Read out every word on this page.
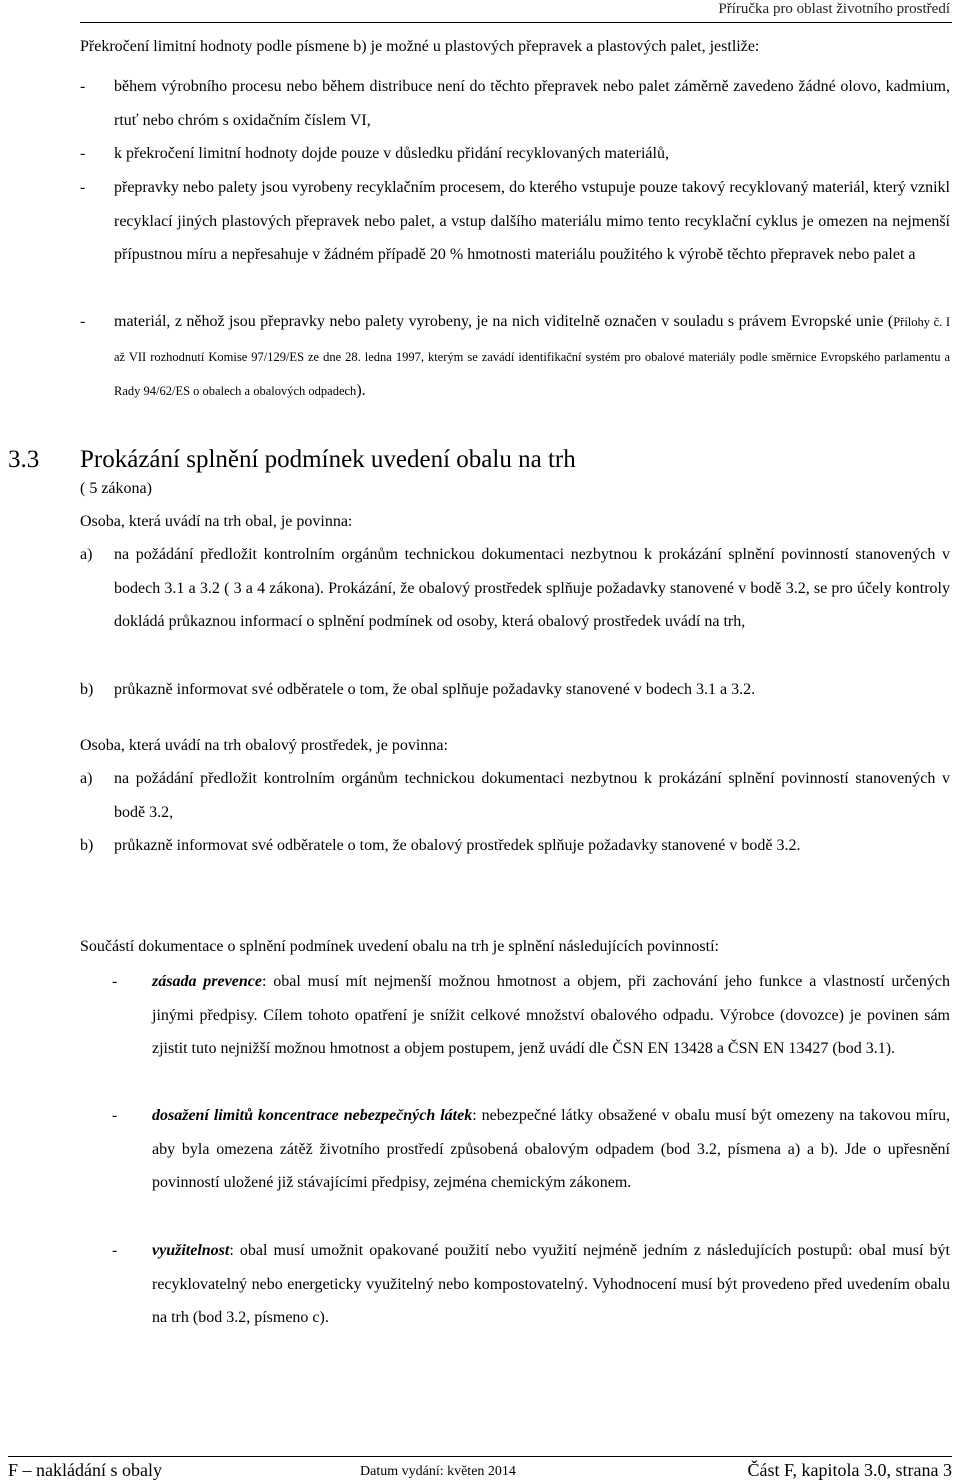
Příručka pro oblast životního prostředí

Překročení limitní hodnoty podle písmene b) je možné u plastových přepravek a plastových palet, jestliže:

- během výrobního procesu nebo během distribuce není do těchto přepravek nebo palet záměrně zavedeno žádné olovo, kadmium, rtuť nebo chróm s oxidačním číslem VI,
- k překročení limitní hodnoty dojde pouze v důsledku přidání recyklovaných materiálů,
- přepravky nebo palety jsou vyrobeny recyklačním procesem, do kterého vstupuje pouze takový recyklovaný materiál, který vznikl recyklací jiných plastových přepravek nebo palet, a vstup dalšího materiálu mimo tento recyklační cyklus je omezen na nejmenší přípustnou míru a nepřesahuje v žádném případě 20 % hmotnosti materiálu použitého k výrobě těchto přepravek nebo palet a
- materiál, z něhož jsou přepravky nebo palety vyrobeny, je na nich viditelně označen v souladu s právem Evropské unie (Přílohy č. I až VII rozhodnutí Komise 97/129/ES ze dne 28. ledna 1997, kterým se zavádí identifikační systém pro obalové materiály podle směrnice Evropského parlamentu a Rady 94/62/ES o obalech a obalových odpadech).
3.3 Prokázání splnění podmínek uvedení obalu na trh

( 5 zákona)

Osoba, která uvádí na trh obal, je povinna:

a) na požádání předložit kontrolním orgánům technickou dokumentaci nezbytnou k prokázání splnění povinností stanovených v bodech 3.1 a 3.2 ( 3 a 4 zákona). Prokázání, že obalový prostředek splňuje požadavky stanovené v bodě 3.2, se pro účely kontroly dokládá průkaznou informací o splnění podmínek od osoby, která obalový prostředek uvádí na trh,
b) průkazně informovat své odběratele o tom, že obal splňuje požadavky stanovené v bodech 3.1 a 3.2.

Osoba, která uvádí na trh obalový prostředek, je povinna:

a) na požádání předložit kontrolním orgánům technickou dokumentaci nezbytnou k prokázání splnění povinností stanovených v bodě 3.2,
b) průkazně informovat své odběratele o tom, že obalový prostředek splňuje požadavky stanovené v bodě 3.2.

Součástí dokumentace o splnění podmínek uvedení obalu na trh je splnění následujících povinností:

- zásada prevence: obal musí mít nejmenší možnou hmotnost a objem, při zachování jeho funkce a vlastností určených jinými předpisy. Cílem tohoto opatření je snížit celkové množství obalového odpadu. Výrobce (dovozce) je povinen sám zjistit tuto nejnižší možnou hmotnost a objem postupem, jenž uvádí dle ČSN EN 13428 a ČSN EN 13427 (bod 3.1).
- dosažení limitů koncentrace nebezpečných látek: nebezpečné látky obsažené v obalu musí být omezeny na takovou míru, aby byla omezena zátěž životního prostředí způsobená obalovým odpadem (bod 3.2, písmena a) a b). Jde o upřesnění povinností uložené již stávajícími předpisy, zejména chemickým zákonem.
- využitelnost: obal musí umožnit opakované použití nebo využití nejméně jedním z následujících postupů: obal musí být recyklovatelný nebo energeticky využitelný nebo kompostovatelný. Vyhodnocení musí být provedeno před uvedením obalu na trh (bod 3.2, písmeno c).
F – nakládání s obaly	Datum vydání: květen 2014	Část F, kapitola 3.0, strana 3
